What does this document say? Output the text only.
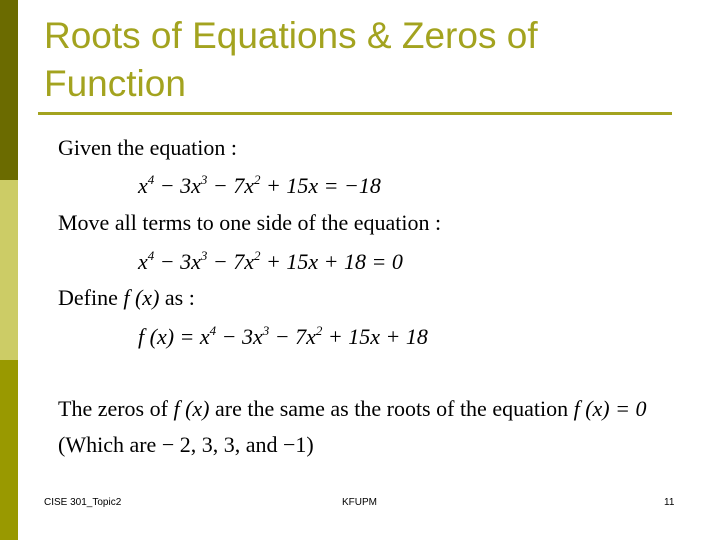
Roots of Equations & Zeros of Function
Given the equation :
$x^4 - 3x^3 - 7x^2 + 15x = -18$
Move all terms to one side of the equation :
$x^4 - 3x^3 - 7x^2 + 15x + 18 = 0$
Define f (x) as :
f $(x) = x^4 - 3x^3 - 7x^2 + 15x + 18$
The zeros of f (x) are the same as the roots of the equation f (x) = 0
(Which are − 2, 3, 3, and −1)
CISE 301_Topic2	KFUPM	11
